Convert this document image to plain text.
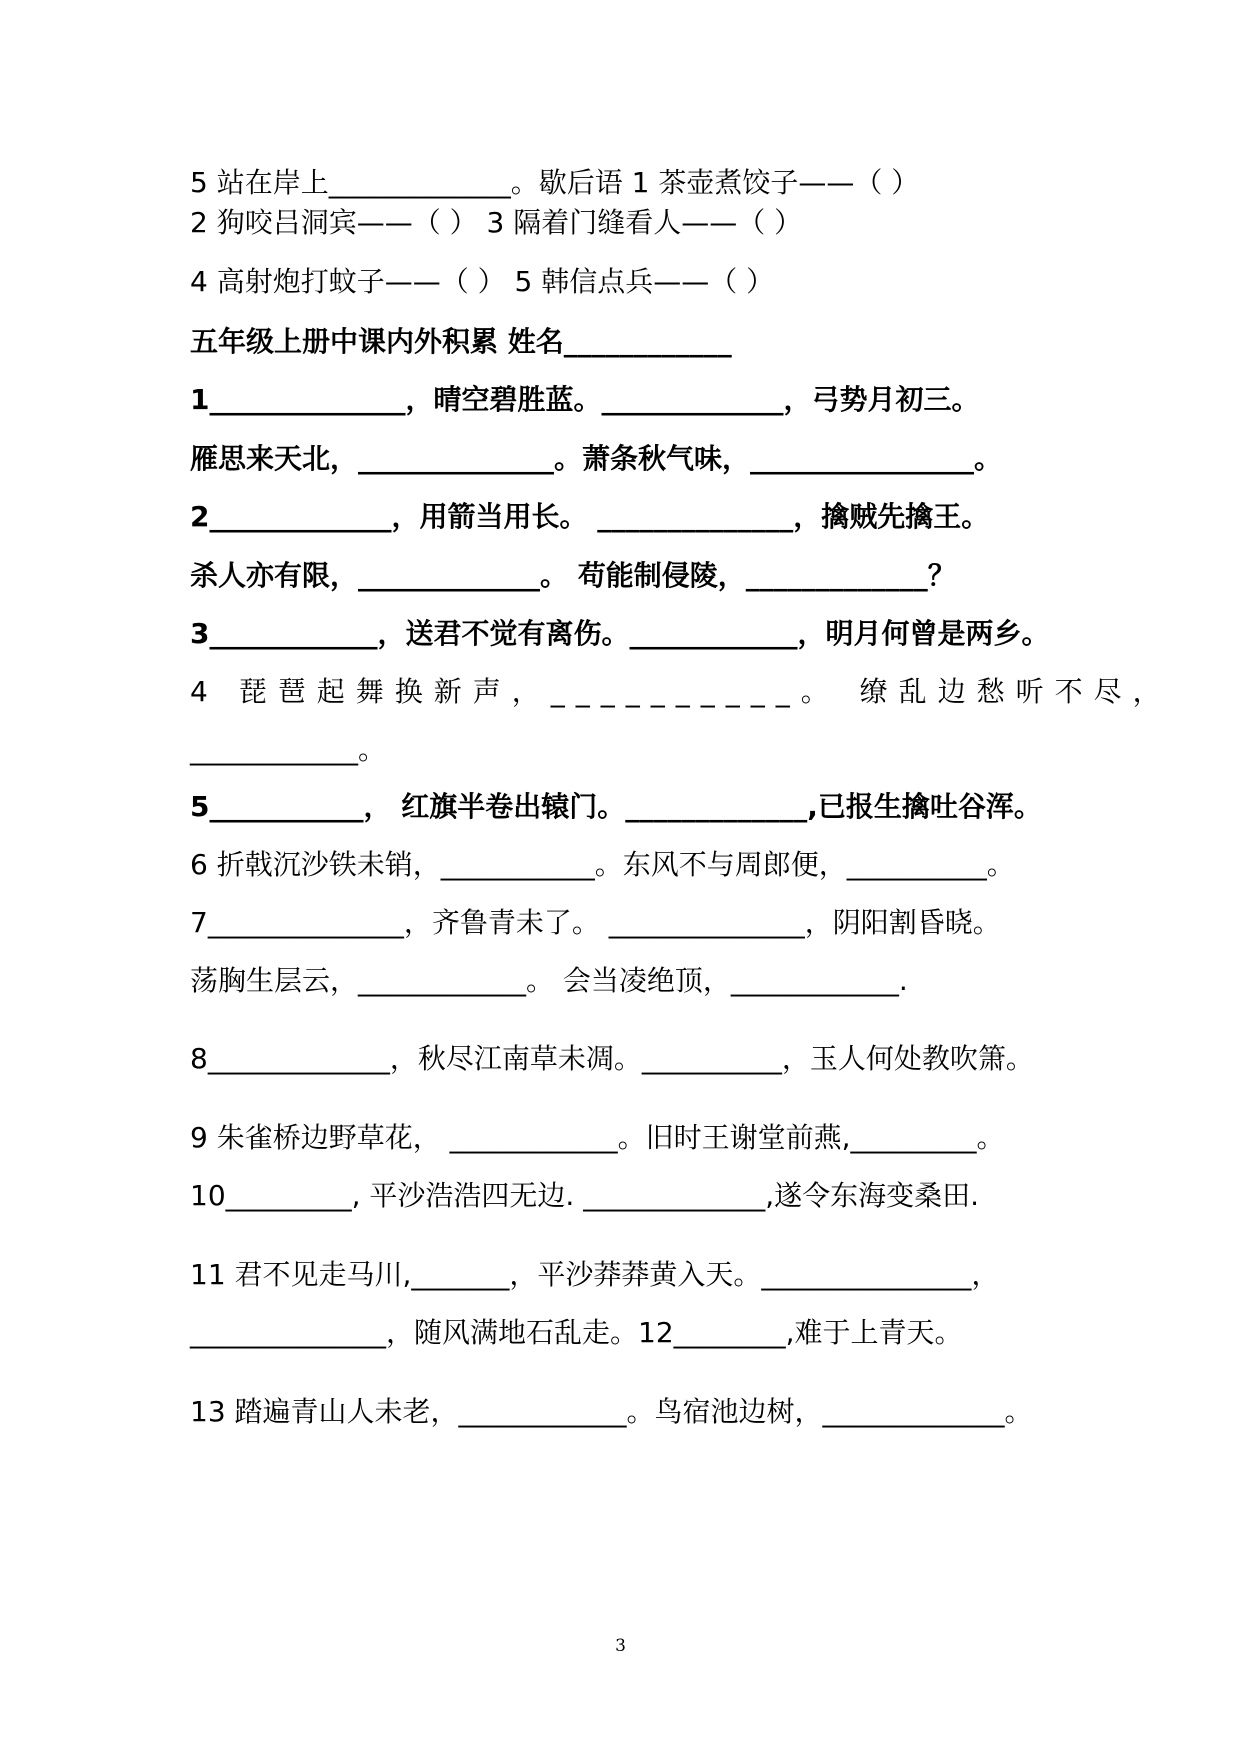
5 站在岸上_____________。歇后语 1 茶壶煮饺子——（ ）
2 狗咬吕洞宾——（ ） 3 隔着门缝看人——（ ）
4 高射炮打蚊子——（ ） 5 韩信点兵——（ ）
五年级上册中课内外积累 姓名____________
1______________，晴空碧胜蓝。_____________，弓势月初三。
雁思来天北，______________。萧条秋气味，________________。
2_____________，用箭当用长。 ______________，擒贼先擒王。
杀人亦有限，_____________。 苟能制侵陵，_____________？
3____________，送君不觉有离伤。____________，明月何曾是两乡。
4 琵琶起舞换新声，__________。 缭乱边愁听不尽，
____________。
5___________， 红旗半卷出辕门。_____________,已报生擒吐谷浑。
6 折戟沉沙铁未销，___________。东风不与周郎便，__________。
7______________，齐鲁青未了。 ______________，阴阳割昏晓。
荡胸生层云，____________。 会当凌绝顶，____________.
8_____________，秋尽江南草未凋。__________，玉人何处教吹箫。
9 朱雀桥边野草花， ____________。旧时王谢堂前燕,_________。
10_________, 平沙浩浩四无边. _____________,遂令东海变桑田.
11 君不见走马川,_______，平沙莽莽黄入天。_______________，
______________，随风满地石乱走。12________,难于上青天。
13 踏遍青山人未老，____________。鸟宿池边树，_____________。
3
